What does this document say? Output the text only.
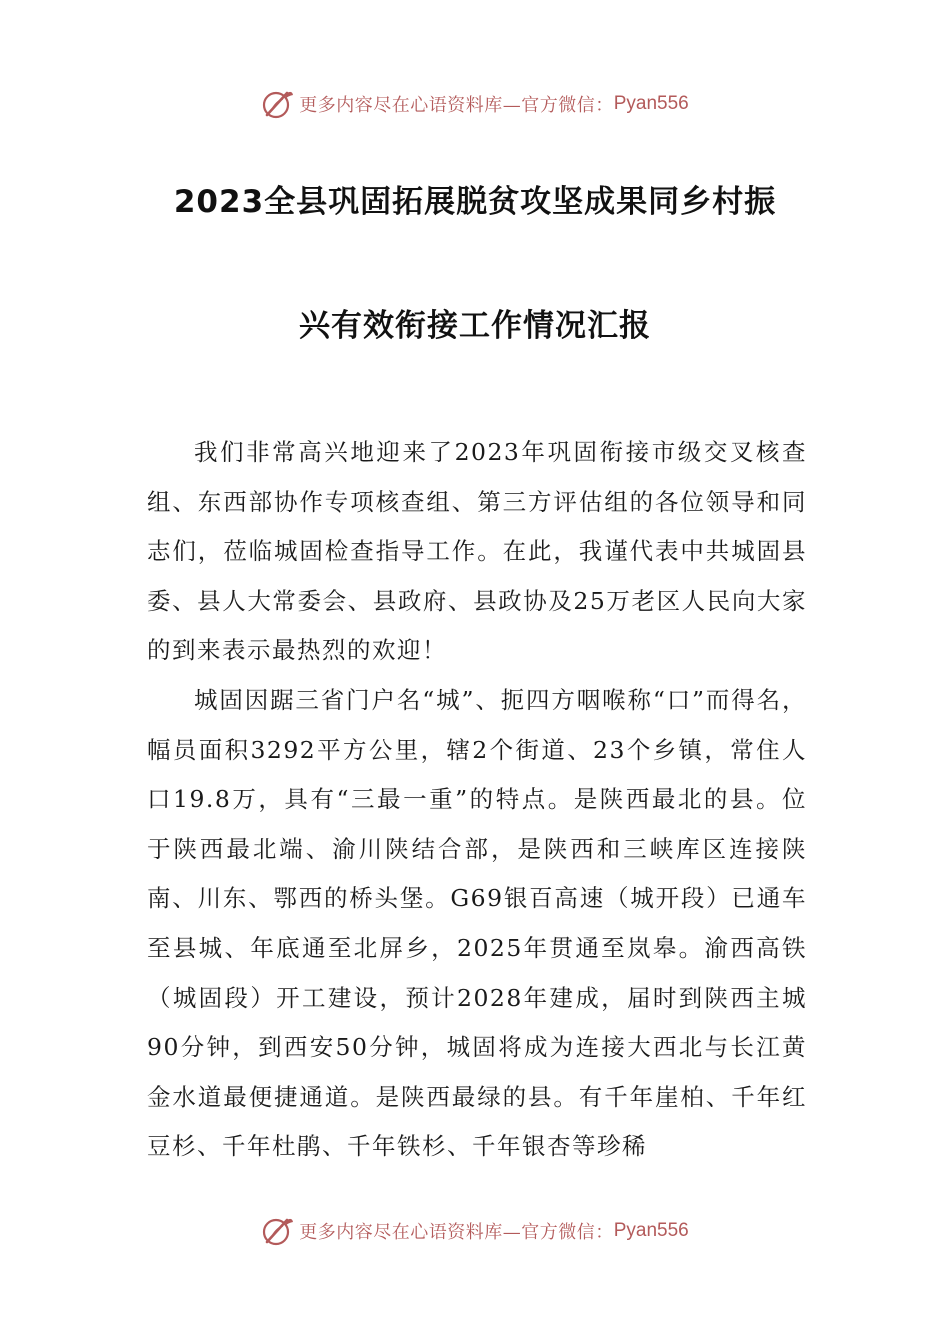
更多内容尽在心语资料库—官方微信： Pyan556
2023全县巩固拓展脱贫攻坚成果同乡村振
兴有效衔接工作情况汇报

我们非常高兴地迎来了2023年巩固衔接市级交叉核查组、东西部协作专项核查组、第三方评估组的各位领导和同志们，莅临城固检查指导工作。在此，我谨代表中共城固县委、县人大常委会、县政府、县政协及25万老区人民向大家的到来表示最热烈的欢迎！

城固因踞三省门户名“城”、扼四方咽喉称“口”而得名，幅员面积3292平方公里，辖2个街道、23个乡镇，常住人口19.8万，具有“三最一重”的特点。是陕西最北的县。位于陕西最北端、渝川陕结合部，是陕西和三峡库区连接陕南、川东、鄂西的桥头堡。G69银百高速（城开段）已通车至县城、年底通至北屏乡，2025年贯通至岚皋。渝西高铁（城固段）开工建设，预计2028年建成，届时到陕西主城90分钟，到西安50分钟，城固将成为连接大西北与长江黄金水道最便捷通道。是陕西最绿的县。有千年崖柏、千年红豆杉、千年杜鹃、千年铁杉、千年银杏等珍稀

更多内容尽在心语资料库—官方微信： Pyan556
